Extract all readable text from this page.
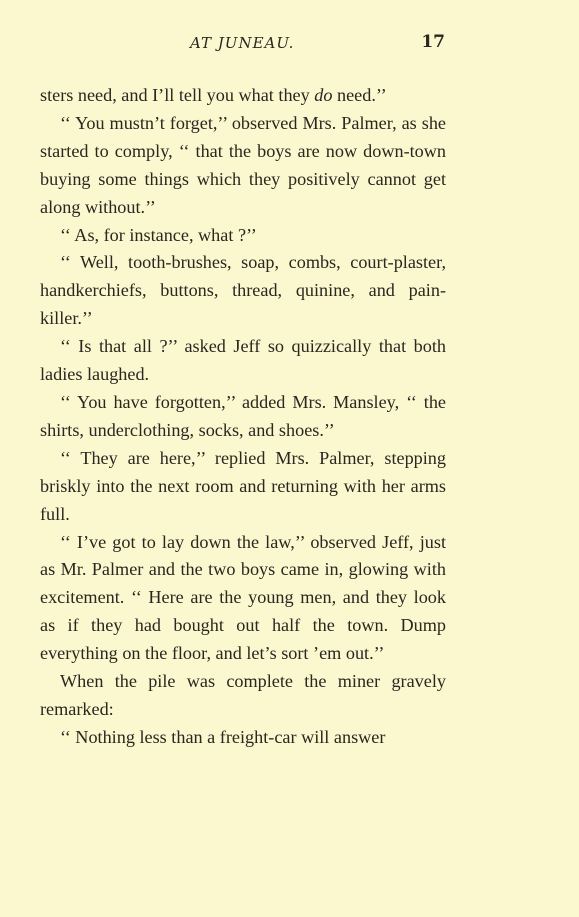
AT JUNEAU.	17

sters need, and I’ll tell you what they do need.’’

‘‘ You mustn’t forget,’’ observed Mrs. Palmer, as she started to comply, ‘‘ that the boys are now down-town buying some things which they positively cannot get along without.’’

‘‘ As, for instance, what ?’’

‘‘ Well, tooth-brushes, soap, combs, court-plaster, handkerchiefs, buttons, thread, quinine, and pain-killer.’’

‘‘ Is that all ?’’ asked Jeff so quizzically that both ladies laughed.

‘‘ You have forgotten,’’ added Mrs. Mansley, ‘‘ the shirts, underclothing, socks, and shoes.’’

‘‘ They are here,’’ replied Mrs. Palmer, stepping briskly into the next room and returning with her arms full.

‘‘ I’ve got to lay down the law,’’ observed Jeff, just as Mr. Palmer and the two boys came in, glowing with excitement. ‘‘ Here are the young men, and they look as if they had bought out half the town. Dump everything on the floor, and let’s sort ’em out.’’

When the pile was complete the miner gravely remarked:

‘‘ Nothing less than a freight-car will answer
